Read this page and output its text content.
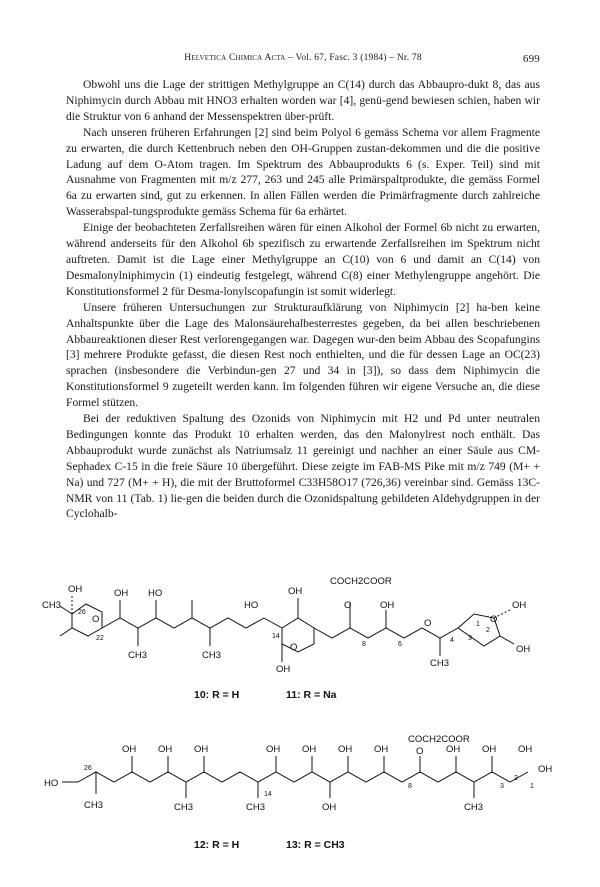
Helvetica Chimica Acta – Vol. 67, Fasc. 3 (1984) – Nr. 78	699

Obwohl uns die Lage der strittigen Methylgruppe an C(14) durch das Abbaupro-dukt 8, das aus Niphimycin durch Abbau mit HNO3 erhalten worden war [4], genü-gend bewiesen schien, haben wir die Struktur von 6 anhand der Messenspektren über-prüft.

Nach unseren früheren Erfahrungen [2] sind beim Polyol 6 gemäss Schema vor allem Fragmente zu erwarten, die durch Kettenbruch neben den OH-Gruppen zustan-dekommen und die die positive Ladung auf dem O-Atom tragen. Im Spektrum des Abbauprodukts 6 (s. Exper. Teil) sind mit Ausnahme von Fragmenten mit m/z 277, 263 und 245 alle Primärspaltprodukte, die gemäss Formel 6a zu erwarten sind, gut zu erkennen. In allen Fällen werden die Primärfragmente durch zahlreiche Wasserabspal-tungsprodukte gemäss Schema für 6a erhärtet.

Einige der beobachteten Zerfallsreihen wären für einen Alkohol der Formel 6b nicht zu erwarten, während anderseits für den Alkohol 6b spezifisch zu erwartende Zerfallsreihen im Spektrum nicht auftreten. Damit ist die Lage einer Methylgruppe an C(10) von 6 und damit an C(14) von Desmalonylniphimycin (1) eindeutig festgelegt, während C(8) einer Methylengruppe angehört. Die Konstitutionsformel 2 für Desma-lonylscopafungin ist somit widerlegt.

Unsere früheren Untersuchungen zur Strukturaufklärung von Niphimycin [2] ha-ben keine Anhaltspunkte über die Lage des Malonsäurehalbesterrestes gegeben, da bei allen beschriebenen Abbaureaktionen dieser Rest verlorengegangen war. Dagegen wur-den beim Abbau des Scopafungins [3] mehrere Produkte gefasst, die diesen Rest noch enthielten, und die für dessen Lage an OC(23) sprachen (insbesondere die Verbindun-gen 27 und 34 in [3]), so dass dem Niphimycin die Konstitutionsformel 9 zugeteilt werden kann. Im folgenden führen wir eigene Versuche an, die diese Formel stützen.

Bei der reduktiven Spaltung des Ozonids von Niphimycin mit H2 und Pd unter neutralen Bedingungen konnte das Produkt 10 erhalten werden, das den Malonylrest noch enthält. Das Abbauprodukt wurde zunächst als Natriumsalz 11 gereinigt und nachher an einer Säule aus CM-Sephadex C-15 in die freie Säure 10 übergeführt. Diese zeigte im FAB-MS Pike mit m/z 749 (M+ + Na) und 727 (M+ + H), die mit der Bruttoformel C33H58O17 (726,36) vereinbar sind. Gemäss 13C-NMR von 11 (Tab. 1) lie-gen die beiden durch die Ozonidspaltung gebildeten Aldehydgruppen in der Cyclohalb-

OH
CH3
26
O
OH HO
O
OH
COCH2COOR
HO
22	14
O	OH
O
OH
1
2
3
4
6
8
O
OH
CH3	CH3
OH
CH3
10: R = H	11: R = Na
COCH2COOR
O
OH OH OH	OH OH OH OH	OH OH OH
26
HO
14
8	3
2
1
OH
CH3	CH3	CH3	OH	CH3
12: R = H	13: R = CH3
